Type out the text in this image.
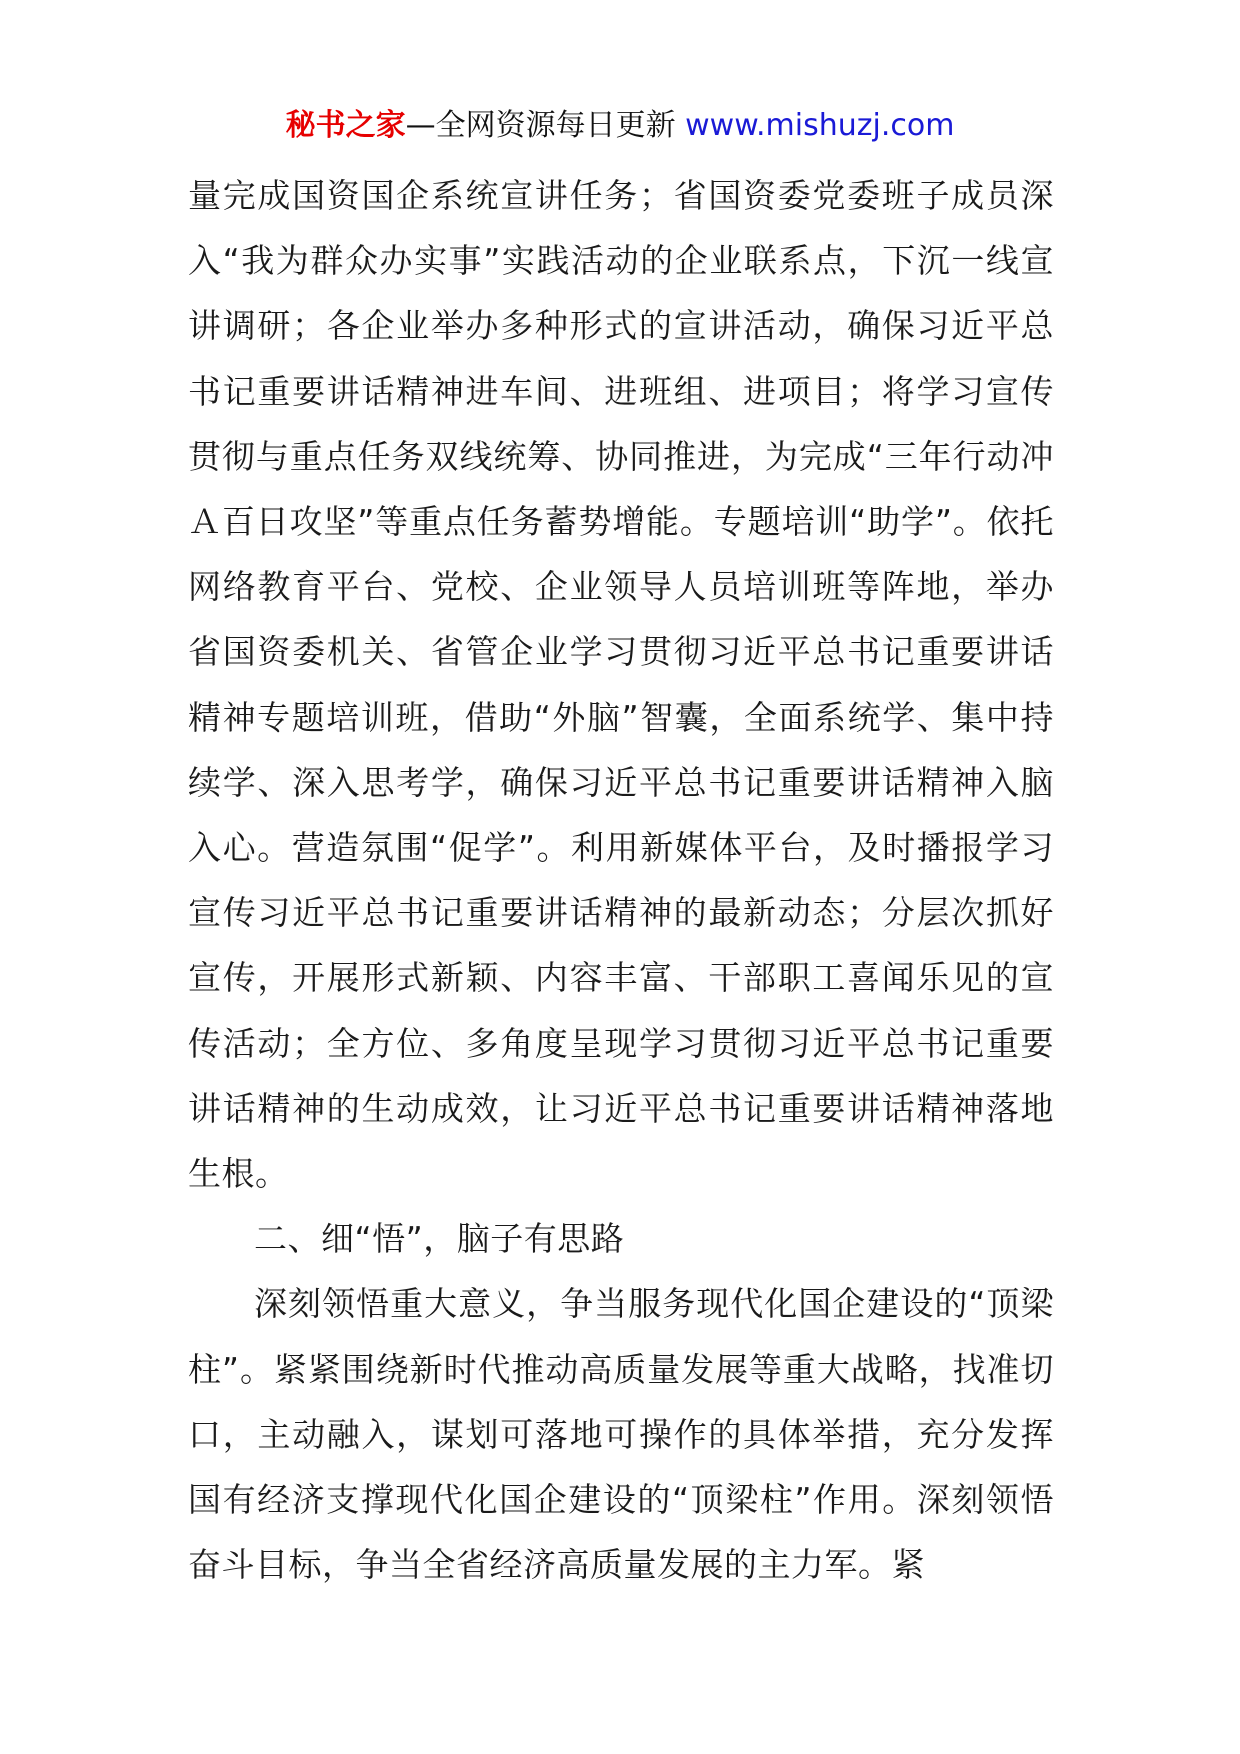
秘书之家—全网资源每日更新 www.mishuzj.com

量完成国资国企系统宣讲任务；省国资委党委班子成员深入“我为群众办实事”实践活动的企业联系点，下沉一线宣讲调研；各企业举办多种形式的宣讲活动，确保习近平总书记重要讲话精神进车间、进班组、进项目；将学习宣传贯彻与重点任务双线统筹、协同推进，为完成“三年行动冲Ａ百日攻坚”等重点任务蓄势增能。专题培训“助学”。依托网络教育平台、党校、企业领导人员培训班等阵地，举办省国资委机关、省管企业学习贯彻习近平总书记重要讲话精神专题培训班，借助“外脑”智囊，全面系统学、集中持续学、深入思考学，确保习近平总书记重要讲话精神入脑入心。营造氛围“促学”。利用新媒体平台，及时播报学习宣传习近平总书记重要讲话精神的最新动态；分层次抓好宣传，开展形式新颖、内容丰富、干部职工喜闻乐见的宣传活动；全方位、多角度呈现学习贯彻习近平总书记重要讲话精神的生动成效，让习近平总书记重要讲话精神落地生根。

二、细“悟”，脑子有思路

深刻领悟重大意义，争当服务现代化国企建设的“顶梁柱”。紧紧围绕新时代推动高质量发展等重大战略，找准切口，主动融入，谋划可落地可操作的具体举措，充分发挥国有经济支撑现代化国企建设的“顶梁柱”作用。深刻领悟奋斗目标，争当全省经济高质量发展的主力军。紧
